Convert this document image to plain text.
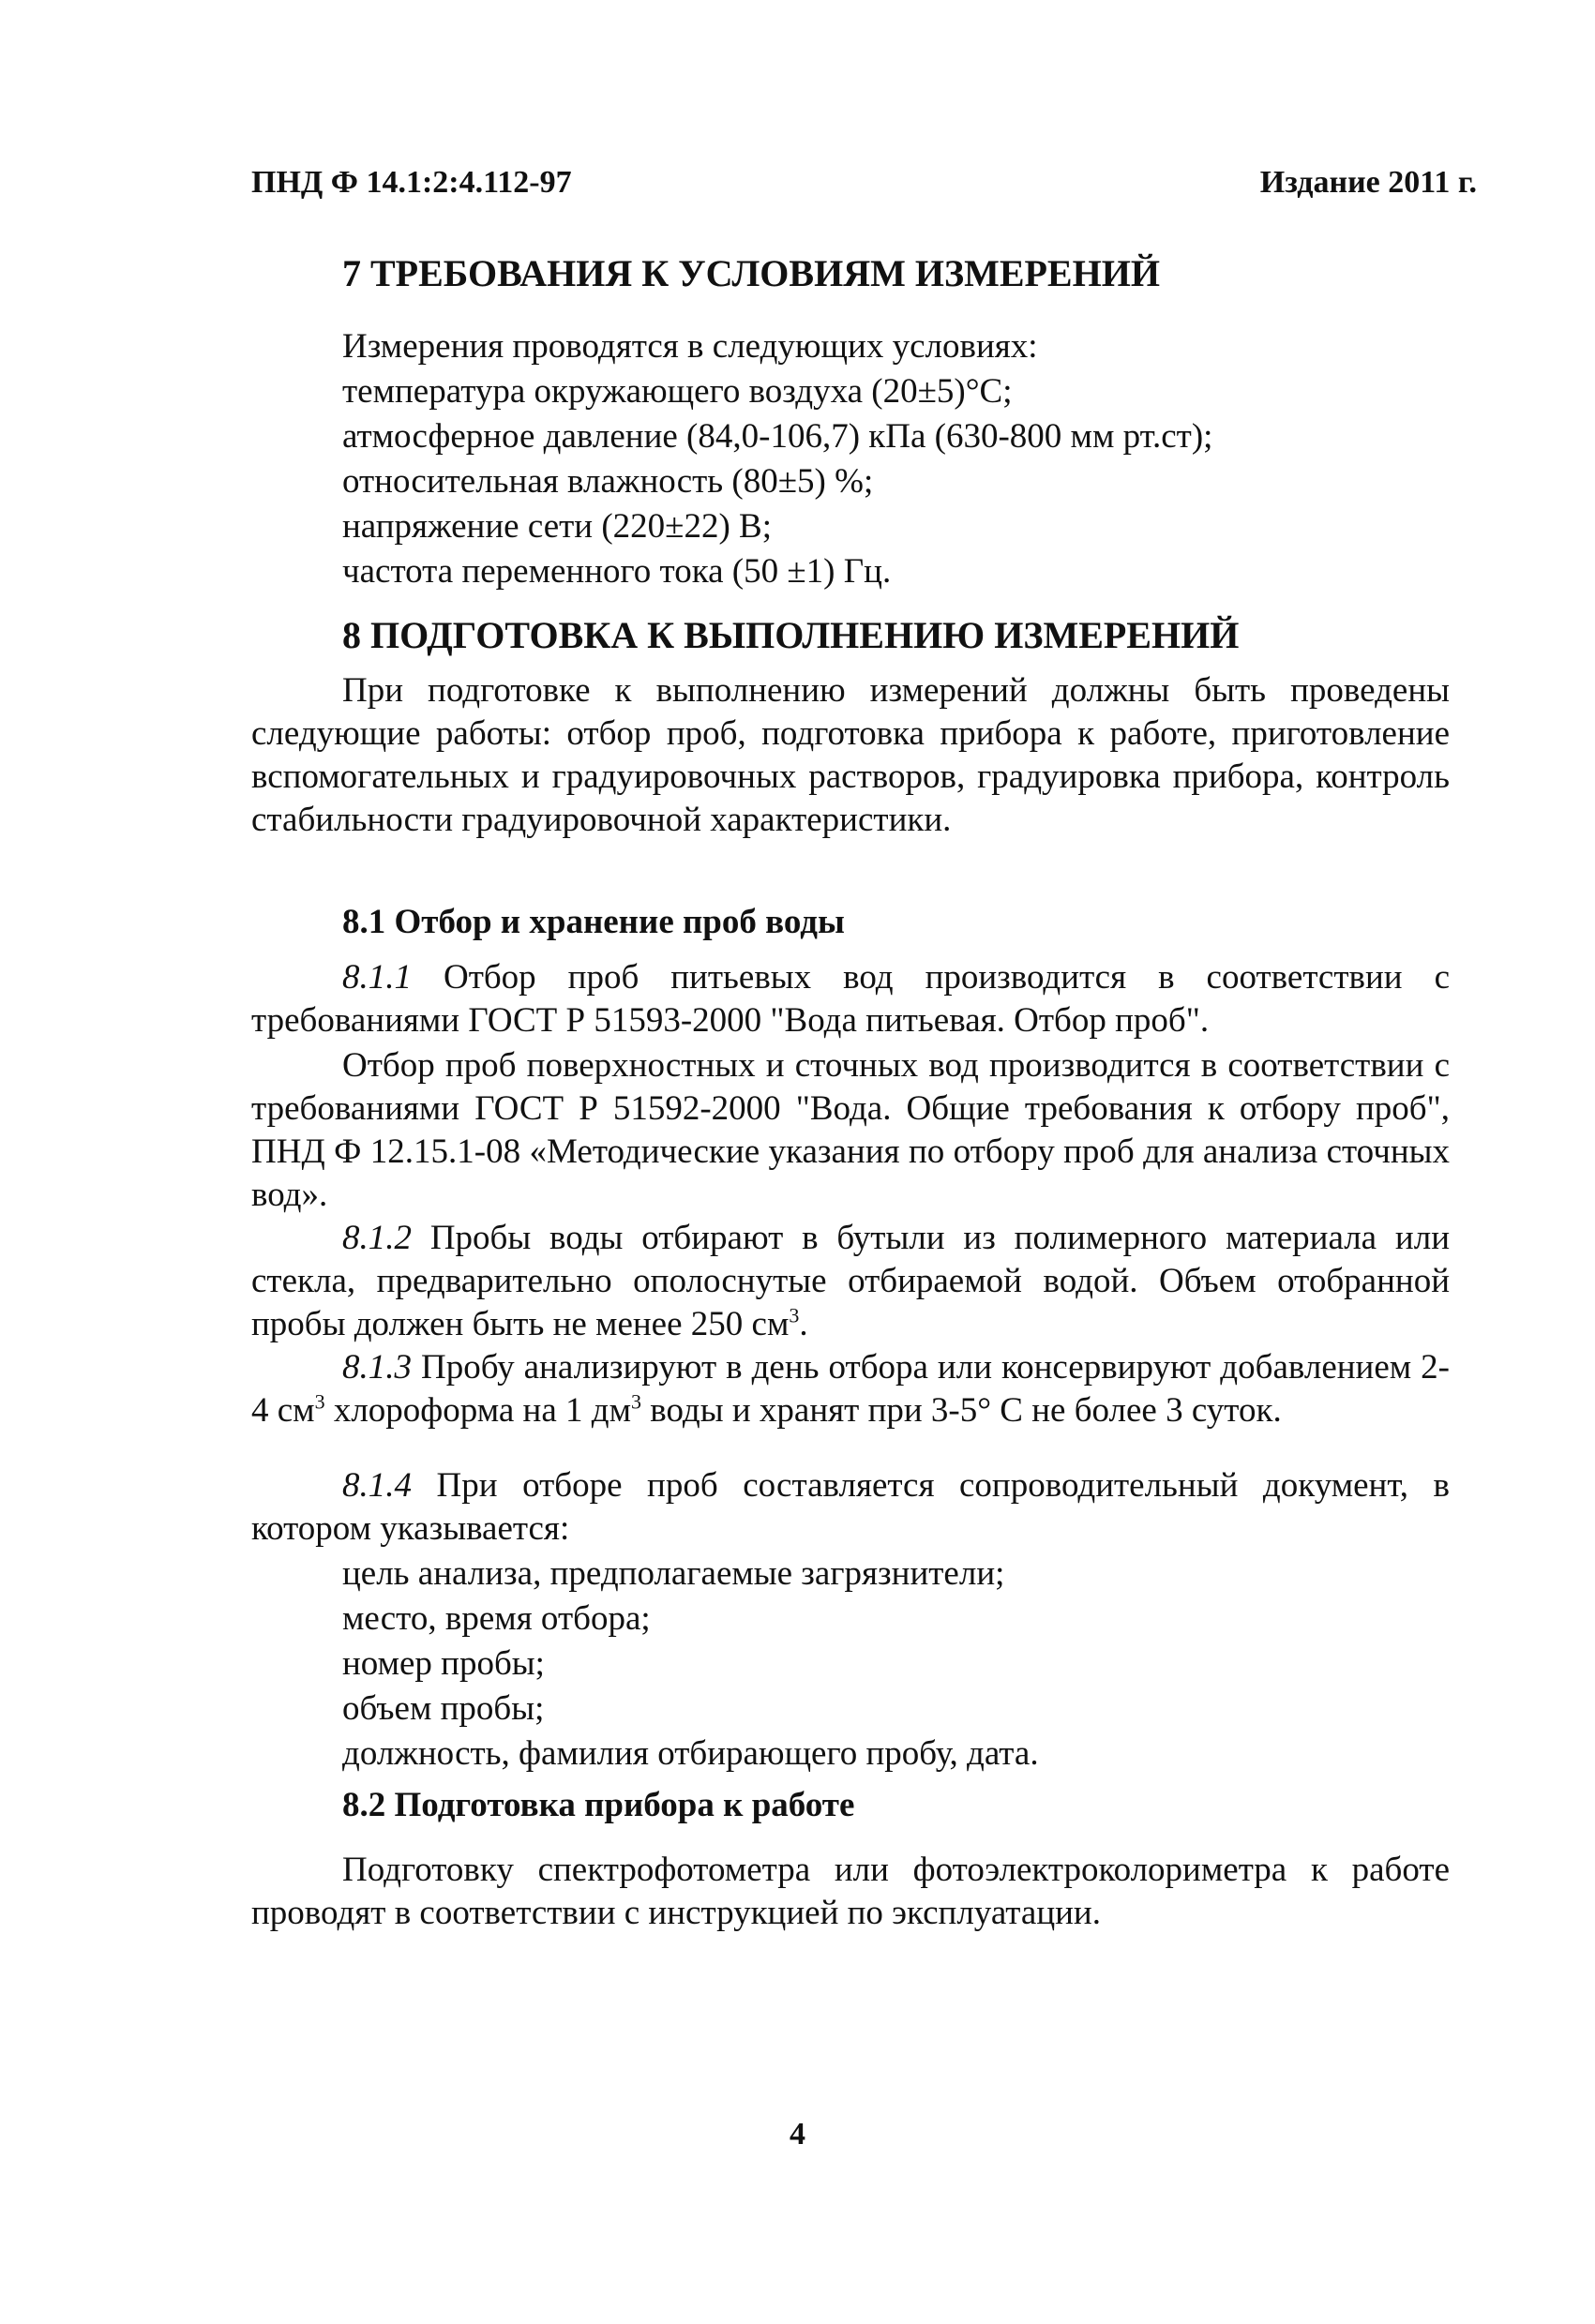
ПНД Ф 14.1:2:4.112-97	Издание 2011 г.
7 ТРЕБОВАНИЯ К УСЛОВИЯМ ИЗМЕРЕНИЙ
Измерения проводятся в следующих условиях:
температура окружающего воздуха (20±5)°С;
атмосферное давление (84,0-106,7) кПа (630-800 мм рт.ст);
относительная влажность (80±5) %;
напряжение сети (220±22) В;
частота переменного тока (50 ±1) Гц.
8 ПОДГОТОВКА К ВЫПОЛНЕНИЮ ИЗМЕРЕНИЙ
При подготовке к выполнению измерений должны быть проведены следующие работы: отбор проб, подготовка прибора к работе, приготовление вспомогательных и градуировочных растворов, градуировка прибора, контроль стабильности градуировочной характеристики.
8.1 Отбор и хранение проб воды
8.1.1 Отбор проб питьевых вод производится в соответствии с требованиями ГОСТ Р 51593-2000 "Вода питьевая. Отбор проб".
Отбор проб поверхностных и сточных вод производится в соответствии с требованиями ГОСТ Р 51592-2000 "Вода. Общие требования к отбору проб", ПНД Ф 12.15.1-08 «Методические указания по отбору проб для анализа сточных вод».
8.1.2 Пробы воды отбирают в бутыли из полимерного материала или стекла, предварительно ополоснутые отбираемой водой. Объем отобранной пробы должен быть не менее 250 $см^3$.
8.1.3 Пробу анализируют в день отбора или консервируют добавлением 2-4 $см^3$ хлороформа на 1 $дм^3$ воды и хранят при 3-5° С не более 3 суток.
8.1.4 При отборе проб составляется сопроводительный документ, в котором указывается:
цель анализа, предполагаемые загрязнители;
место, время отбора;
номер пробы;
объем пробы;
должность, фамилия отбирающего пробу, дата.
8.2 Подготовка прибора к работе
Подготовку спектрофотометра или фотоэлектроколориметра к работе проводят в соответствии с инструкцией по эксплуатации.
4
